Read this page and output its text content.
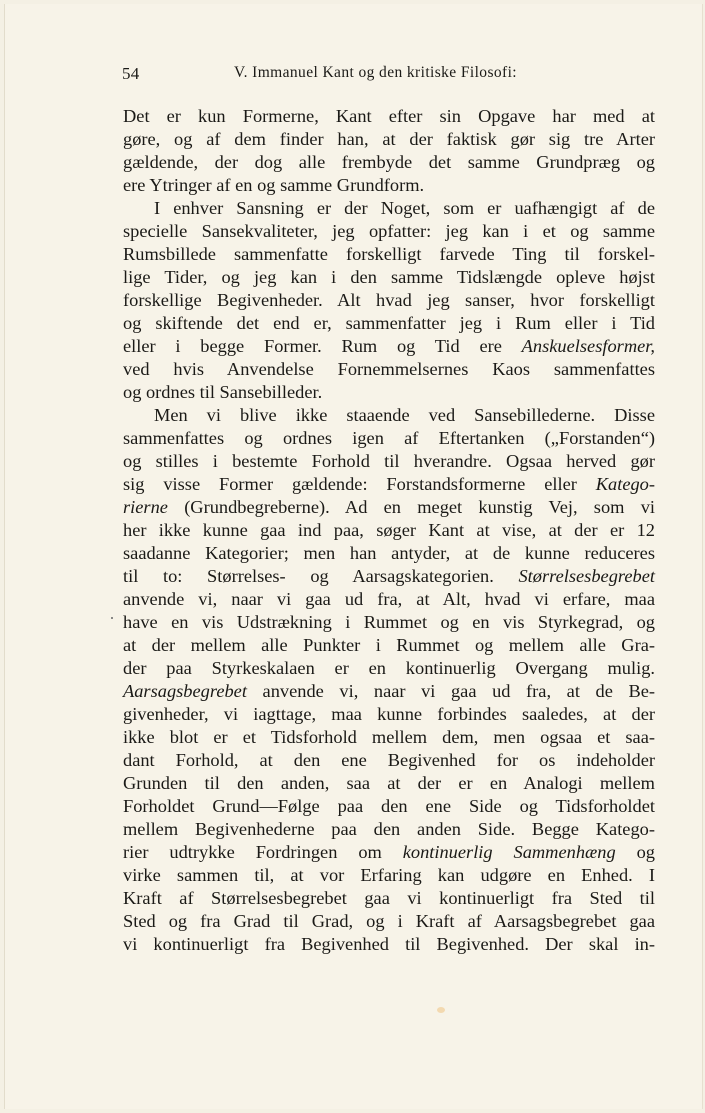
54	V. Immanuel Kant og den kritiske Filosofi:
Det er kun Formerne, Kant efter sin Opgave har med at
gøre, og af dem finder han, at der faktisk gør sig tre Arter
gældende, der dog alle frembyde det samme Grundpræg og
ere Ytringer af en og samme Grundform.
I enhver Sansning er der Noget, som er uafhængigt af de
specielle Sansekvaliteter, jeg opfatter: jeg kan i et og samme
Rumsbillede sammenfatte forskelligt farvede Ting til forskel-
lige Tider, og jeg kan i den samme Tidslængde opleve højst
forskellige Begivenheder. Alt hvad jeg sanser, hvor forskelligt
og skiftende det end er, sammenfatter jeg i Rum eller i Tid
eller i begge Former. Rum og Tid ere Anskuelsesformer,
ved hvis Anvendelse Fornemmelsernes Kaos sammenfattes
og ordnes til Sansebilleder.
Men vi blive ikke staaende ved Sansebillederne. Disse
sammenfattes og ordnes igen af Eftertanken („Forstanden“)
og stilles i bestemte Forhold til hverandre. Ogsaa herved gør
sig visse Former gældende: Forstandsformerne eller Katego-
rierne (Grundbegreberne). Ad en meget kunstig Vej, som vi
her ikke kunne gaa ind paa, søger Kant at vise, at der er 12
saadanne Kategorier; men han antyder, at de kunne reduceres
til to: Størrelses- og Aarsagskategorien. Størrelsesbegrebet
anvende vi, naar vi gaa ud fra, at Alt, hvad vi erfare, maa
have en vis Udstrækning i Rummet og en vis Styrkegrad, og
at der mellem alle Punkter i Rummet og mellem alle Gra-
der paa Styrkeskalaen er en kontinuerlig Overgang mulig.
Aarsagsbegrebet anvende vi, naar vi gaa ud fra, at de Be-
givenheder, vi iagttage, maa kunne forbindes saaledes, at der
ikke blot er et Tidsforhold mellem dem, men ogsaa et saa-
dant Forhold, at den ene Begivenhed for os indeholder
Grunden til den anden, saa at der er en Analogi mellem
Forholdet Grund—Følge paa den ene Side og Tidsforholdet
mellem Begivenhederne paa den anden Side. Begge Katego-
rier udtrykke Fordringen om kontinuerlig Sammenhæng og
virke sammen til, at vor Erfaring kan udgøre en Enhed. I
Kraft af Størrelsesbegrebet gaa vi kontinuerligt fra Sted til
Sted og fra Grad til Grad, og i Kraft af Aarsagsbegrebet gaa
vi kontinuerligt fra Begivenhed til Begivenhed. Der skal in-
